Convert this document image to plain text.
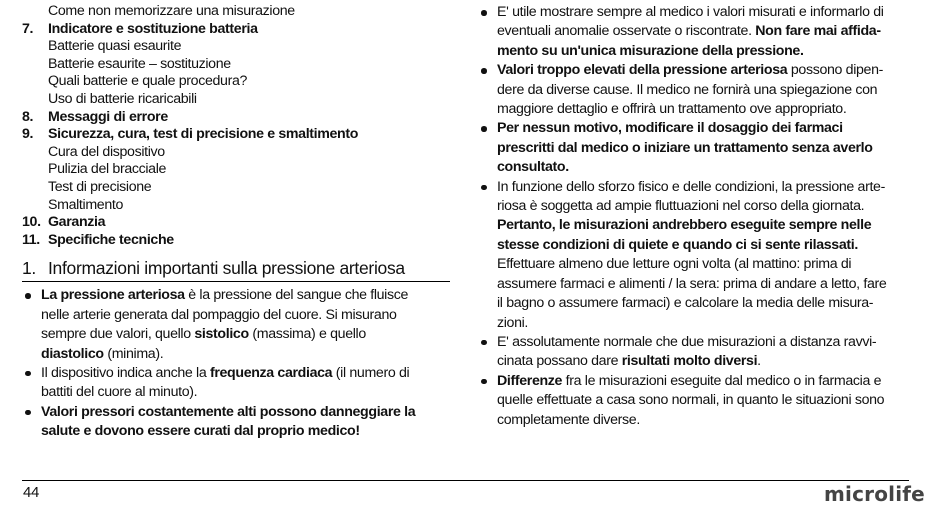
Come non memorizzare una misurazione
7. Indicatore e sostituzione batteria
Batterie quasi esaurite
Batterie esaurite – sostituzione
Quali batterie e quale procedura?
Uso di batterie ricaricabili
8. Messaggi di errore
9. Sicurezza, cura, test di precisione e smaltimento
Cura del dispositivo
Pulizia del bracciale
Test di precisione
Smaltimento
10. Garanzia
11. Specifiche tecniche
1. Informazioni importanti sulla pressione arteriosa
La pressione arteriosa è la pressione del sangue che fluisce
nelle arterie generata dal pompaggio del cuore. Si misurano
sempre due valori, quello sistolico (massima) e quello
diastolico (minima).
Il dispositivo indica anche la frequenza cardiaca (il numero di
battiti del cuore al minuto).
Valori pressori costantemente alti possono danneggiare la
salute e dovono essere curati dal proprio medico!
E' utile mostrare sempre al medico i valori misurati e informarlo di
eventuali anomalie osservate o riscontrate. Non fare mai affida-
mento su un'unica misurazione della pressione.
Valori troppo elevati della pressione arteriosa possono dipen-
dere da diverse cause. Il medico ne fornirà una spiegazione con
maggiore dettaglio e offrirà un trattamento ove appropriato.
Per nessun motivo, modificare il dosaggio dei farmaci
prescritti dal medico o iniziare un trattamento senza averlo
consultato.
In funzione dello sforzo fisico e delle condizioni, la pressione arte-
riosa è soggetta ad ampie fluttuazioni nel corso della giornata.
Pertanto, le misurazioni andrebbero eseguite sempre nelle
stesse condizioni di quiete e quando ci si sente rilassati.
Effettuare almeno due letture ogni volta (al mattino: prima di
assumere farmaci e alimenti / la sera: prima di andare a letto, fare
il bagno o assumere farmaci) e calcolare la media delle misura-
zioni.
E' assolutamente normale che due misurazioni a distanza ravvi-
cinata possano dare risultati molto diversi.
Differenze fra le misurazioni eseguite dal medico o in farmacia e
quelle effettuate a casa sono normali, in quanto le situazioni sono
completamente diverse.
44	microlife
